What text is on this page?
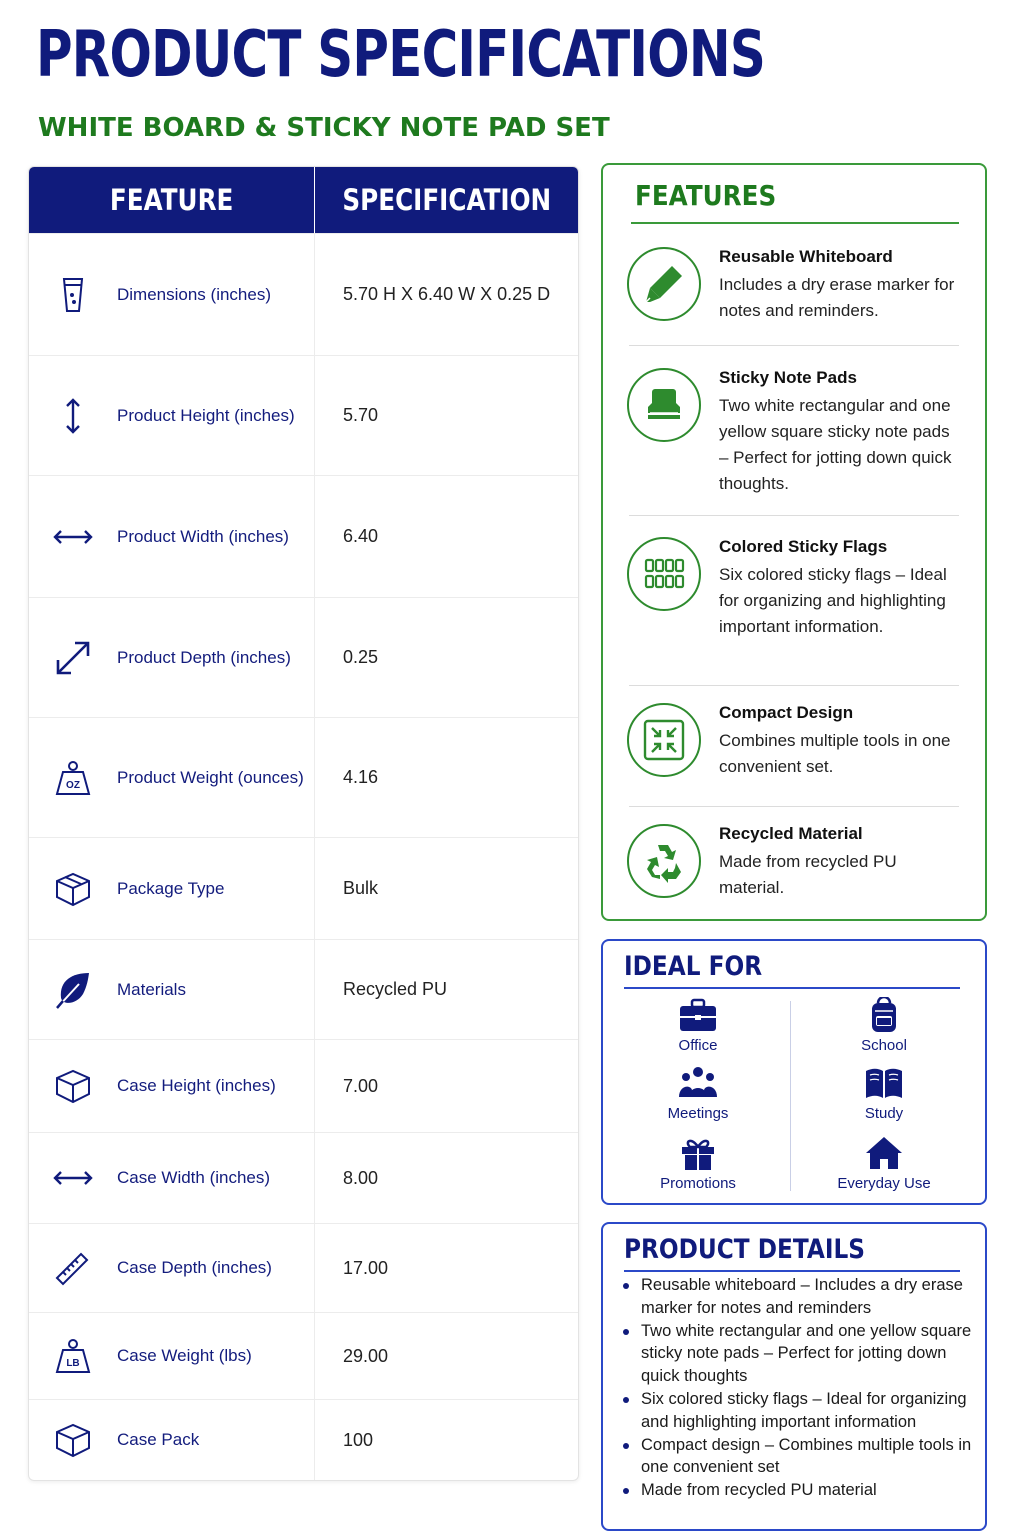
PRODUCT SPECIFICATIONS
WHITE BOARD & STICKY NOTE PAD SET
FEATURE	SPECIFICATION
Dimensions (inches)	5.70 H X 6.40 W X 0.25 D
Product Height (inches)	5.70
Product Width (inches)	6.40
Product Depth (inches)	0.25
OZ Product Weight (ounces)	4.16
Package Type	Bulk
Materials	Recycled PU
Case Height (inches)	7.00
Case Width (inches)	8.00
Case Depth (inches)	17.00
LB Case Weight (lbs)	29.00
Case Pack	100
FEATURES
Reusable Whiteboard
Includes a dry erase marker for notes and reminders.
Sticky Note Pads
Two white rectangular and one yellow square sticky note pads – Perfect for jotting down quick thoughts.
Colored Sticky Flags
Six colored sticky flags – Ideal for organizing and highlighting important information.
Compact Design
Combines multiple tools in one convenient set.
Recycled Material
Made from recycled PU material.
IDEAL FOR
Office	School
Meetings	Study
Promotions	Everyday Use
PRODUCT DETAILS
Reusable whiteboard – Includes a dry erase marker for notes and reminders
Two white rectangular and one yellow square sticky note pads – Perfect for jotting down quick thoughts
Six colored sticky flags – Ideal for organizing and highlighting important information
Compact design – Combines multiple tools in one convenient set
Made from recycled PU material
